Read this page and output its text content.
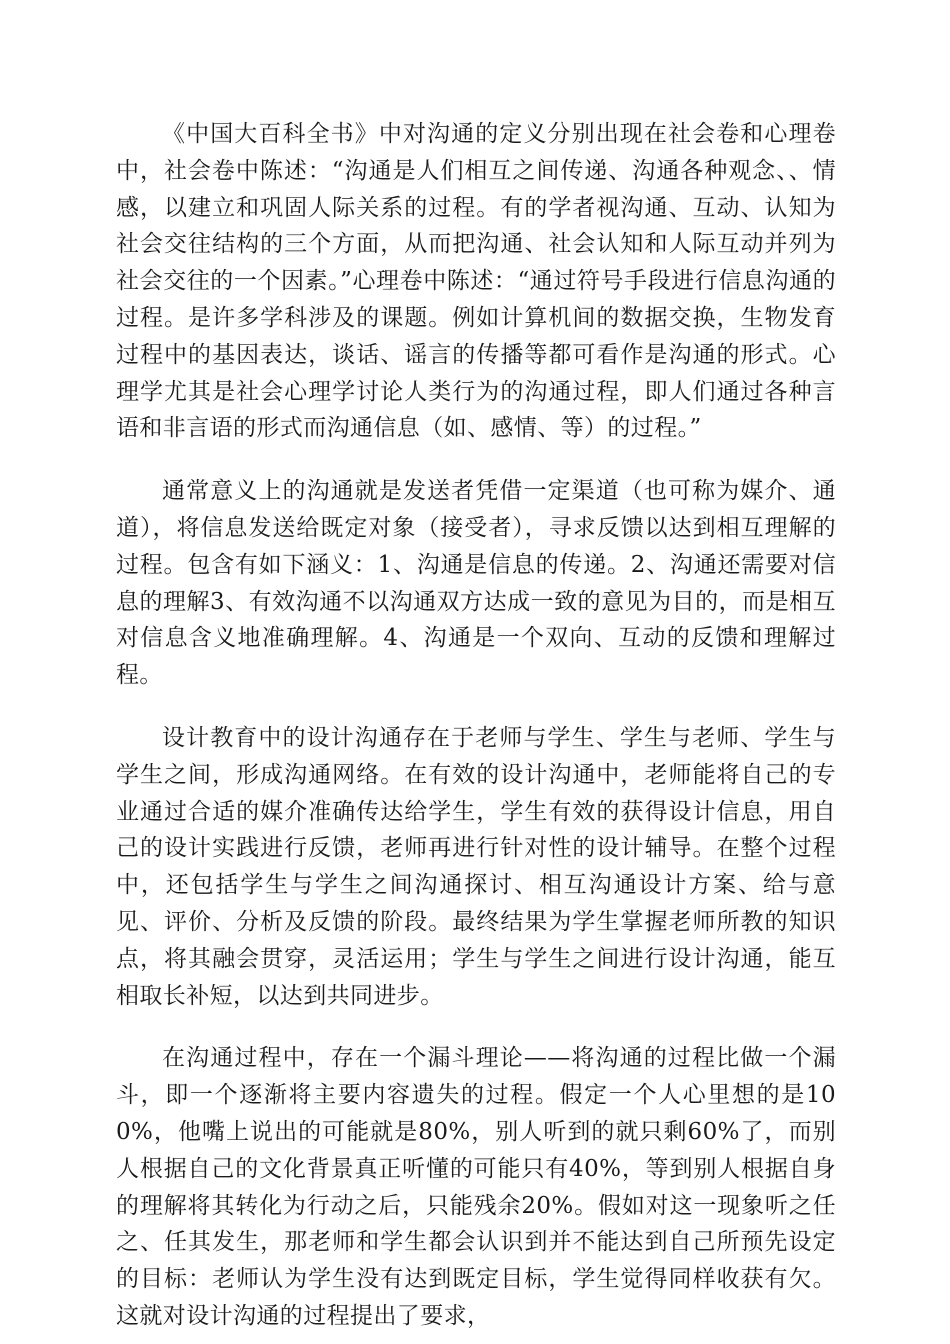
《中国大百科全书》中对沟通的定义分别出现在社会卷和心理卷中，社会卷中陈述：“沟通是人们相互之间传递、沟通各种观念、、情感，以建立和巩固人际关系的过程。有的学者视沟通、互动、认知为社会交往结构的三个方面，从而把沟通、社会认知和人际互动并列为社会交往的一个因素。”心理卷中陈述：“通过符号手段进行信息沟通的过程。是许多学科涉及的课题。例如计算机间的数据交换，生物发育过程中的基因表达，谈话、谣言的传播等都可看作是沟通的形式。心理学尤其是社会心理学讨论人类行为的沟通过程，即人们通过各种言语和非言语的形式而沟通信息（如、感情、等）的过程。”

通常意义上的沟通就是发送者凭借一定渠道（也可称为媒介、通道），将信息发送给既定对象（接受者），寻求反馈以达到相互理解的过程。包含有如下涵义：1、沟通是信息的传递。2、沟通还需要对信息的理解3、有效沟通不以沟通双方达成一致的意见为目的，而是相互对信息含义地准确理解。4、沟通是一个双向、互动的反馈和理解过程。

设计教育中的设计沟通存在于老师与学生、学生与老师、学生与学生之间，形成沟通网络。在有效的设计沟通中，老师能将自己的专业通过合适的媒介准确传达给学生，学生有效的获得设计信息，用自己的设计实践进行反馈，老师再进行针对性的设计辅导。在整个过程中，还包括学生与学生之间沟通探讨、相互沟通设计方案、给与意见、评价、分析及反馈的阶段。最终结果为学生掌握老师所教的知识点，将其融会贯穿，灵活运用；学生与学生之间进行设计沟通，能互相取长补短，以达到共同进步。

在沟通过程中，存在一个漏斗理论——将沟通的过程比做一个漏斗，即一个逐渐将主要内容遗失的过程。假定一个人心里想的是100%，他嘴上说出的可能就是80%，别人听到的就只剩60%了，而别人根据自己的文化背景真正听懂的可能只有40%，等到别人根据自身的理解将其转化为行动之后，只能残余20%。假如对这一现象听之任之、任其发生，那老师和学生都会认识到并不能达到自己所预先设定的目标：老师认为学生没有达到既定目标，学生觉得同样收获有欠。这就对设计沟通的过程提出了要求，
